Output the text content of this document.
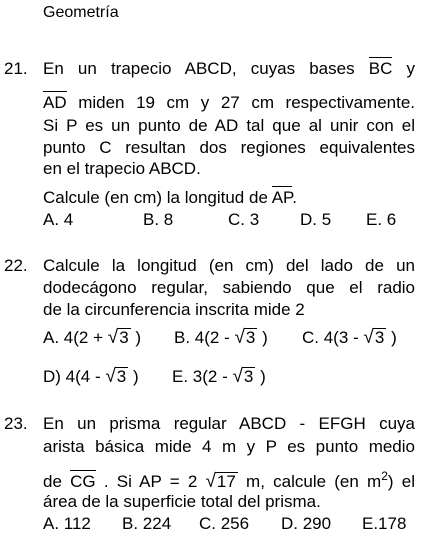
Geometría
21. En un trapecio ABCD, cuyas bases BC y
AD miden 19 cm y 27 cm respectivamente.
Si P es un punto de AD tal que al unir con el
punto C resultan dos regiones equivalentes
en el trapecio ABCD.
Calcule (en cm) la longitud de AP.
A. 4	B. 8	C. 3 D. 5 E. 6
22. Calcule la longitud (en cm) del lado de un
dodecágono regular, sabiendo que el radio
de la circunferencia inscrita mide 2
A. 4(2 + √ 3 ) B. 4(2 - √ 3 ) C. 4(3 - √ 3 )
D) 4(4 - √ 3 ) E. 3(2 - √ 3 )
23. En un prisma regular ABCD - EFGH cuya
arista básica mide 4 m y P es punto medio
de CG . Si AP = 2 √ 17 m, calcule (en $m^2$) el
área de la superficie total del prisma.
A. 112 B. 224 C. 256 D. 290 E.178
